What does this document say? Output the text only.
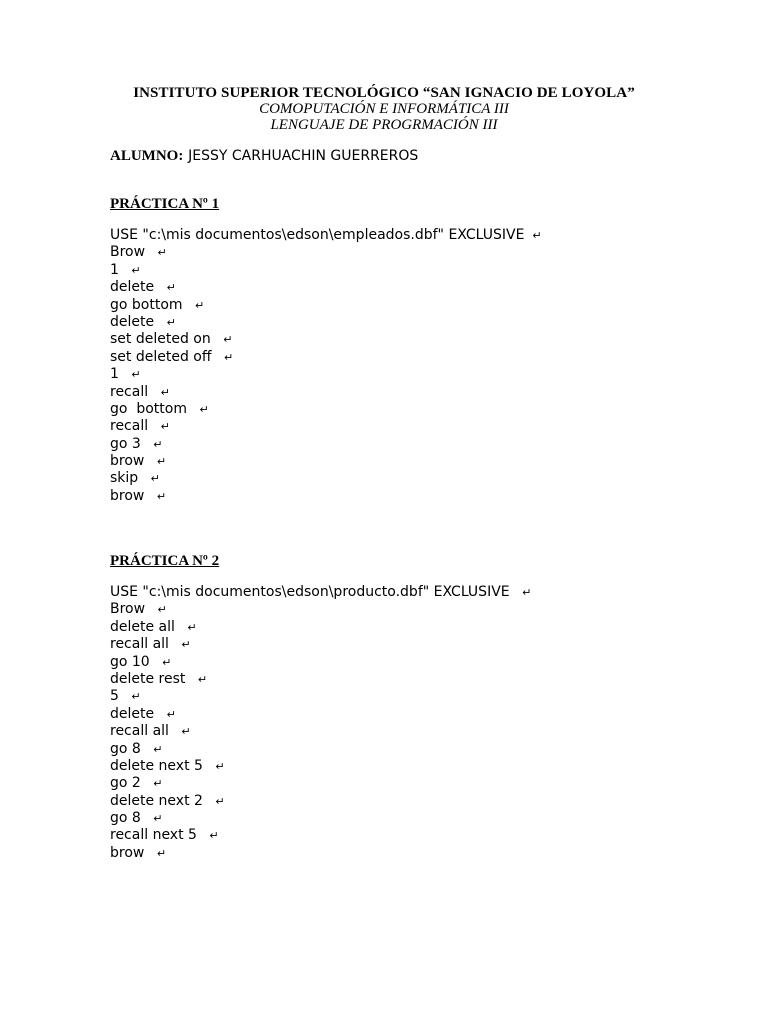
INSTITUTO SUPERIOR TECNOLÓGICO “SAN IGNACIO DE LOYOLA”
COMOPUTACIÓN E INFORMÁTICA III
LENGUAJE DE PROGRMACIÓN III
ALUMNO: JESSY CARHUACHIN GUERREROS
PRÁCTICA Nº 1
USE "c:\mis documentos\edson\empleados.dbf" EXCLUSIVE ↵
Brow ↵
1 ↵
delete ↵
go bottom ↵
delete ↵
set deleted on ↵
set deleted off ↵
1 ↵
recall ↵
go  bottom ↵
recall ↵
go 3 ↵
brow ↵
skip ↵
brow ↵
PRÁCTICA Nº 2
USE "c:\mis documentos\edson\producto.dbf" EXCLUSIVE ↵
Brow ↵
delete all ↵
recall all ↵
go 10 ↵
delete rest ↵
5 ↵
delete ↵
recall all ↵
go 8 ↵
delete next 5 ↵
go 2 ↵
delete next 2 ↵
go 8 ↵
recall next 5 ↵
brow ↵
